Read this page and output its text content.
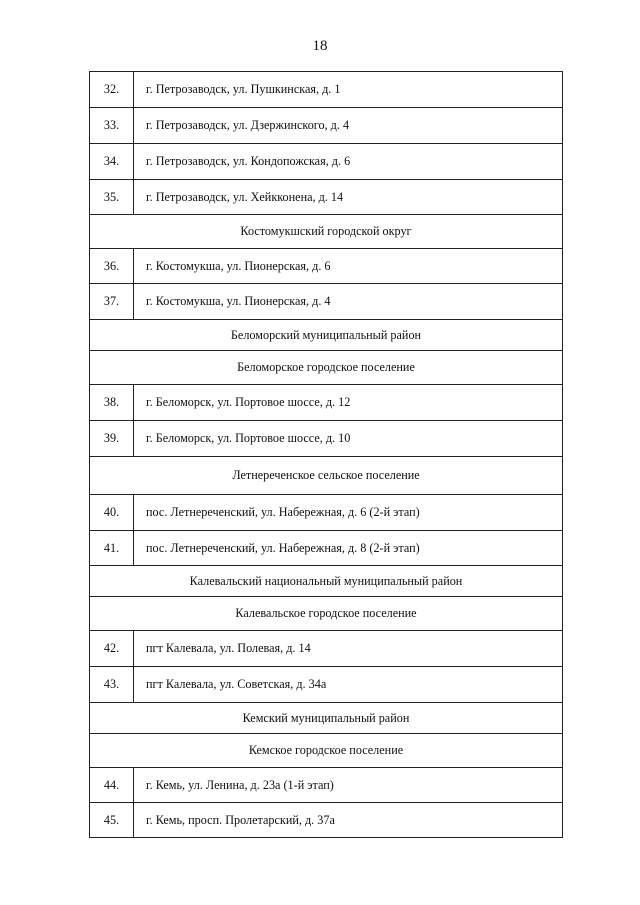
18
32.	г. Петрозаводск, ул. Пушкинская, д. 1
33.	г. Петрозаводск, ул. Дзержинского, д. 4
34.	г. Петрозаводск, ул. Кондопожская, д. 6
35.	г. Петрозаводск, ул. Хейкконена, д. 14
Костомукшский городской округ	
36.	г. Костомукша, ул. Пионерская, д. 6
37.	г. Костомукша, ул. Пионерская, д. 4
Беломорский муниципальный район	
Беломорское городское поселение	
38.	г. Беломорск, ул. Портовое шоссе, д. 12
39.	г. Беломорск, ул. Портовое шоссе, д. 10
Летнереченское сельское поселение	
40.	пос. Летнереченский, ул. Набережная, д. 6 (2-й этап)
41.	пос. Летнереченский, ул. Набережная, д. 8 (2-й этап)
Калевальский национальный муниципальный район	
Калевальское городское поселение	
42.	пгт Калевала, ул. Полевая, д. 14
43.	пгт Калевала, ул. Советская, д. 34а
Кемский муниципальный район	
Кемское городское поселение	
44.	г. Кемь, ул. Ленина, д. 23а (1-й этап)
45.	г. Кемь, просп. Пролетарский, д. 37а
